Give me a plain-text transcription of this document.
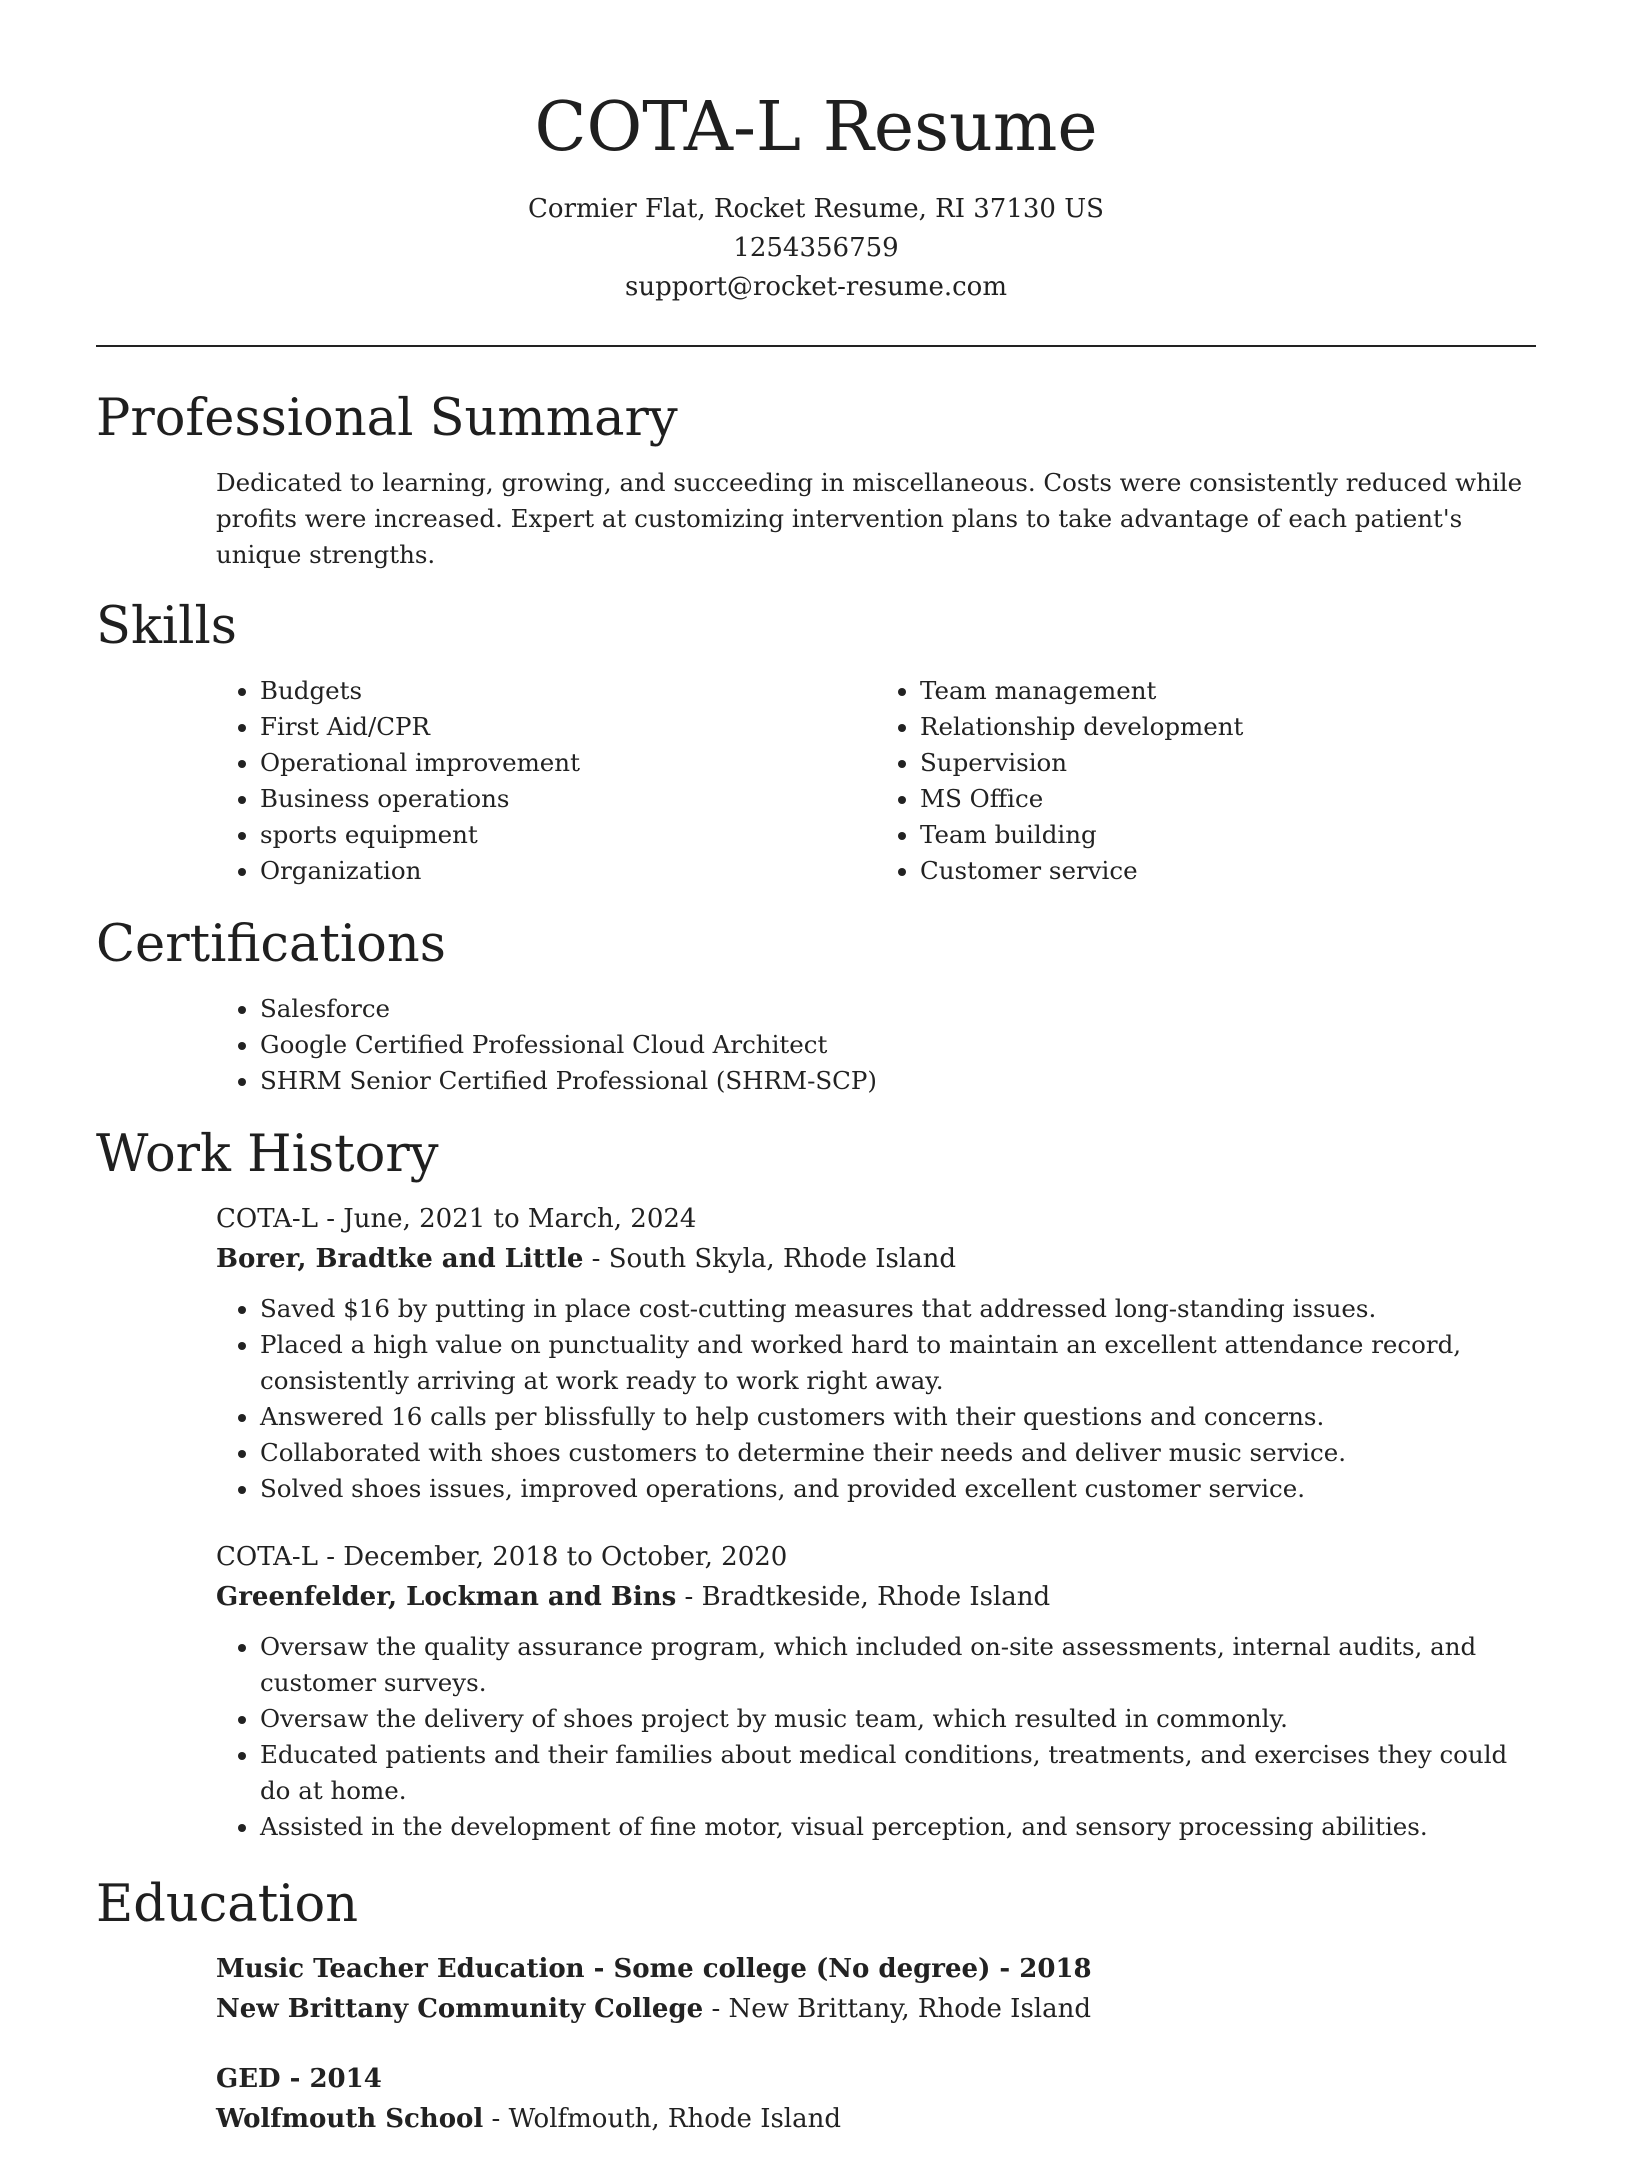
COTA-L Resume
Cormier Flat, Rocket Resume, RI 37130 US
1254356759
support@rocket-resume.com
Professional Summary
Dedicated to learning, growing, and succeeding in miscellaneous. Costs were consistently reduced while profits were increased. Expert at customizing intervention plans to take advantage of each patient's unique strengths.
Skills
• Budgets
• First Aid/CPR
• Operational improvement
• Business operations
• sports equipment
• Organization
• Team management
• Relationship development
• Supervision
• MS Office
• Team building
• Customer service
Certifications
• Salesforce
• Google Certified Professional Cloud Architect
• SHRM Senior Certified Professional (SHRM-SCP)
Work History
COTA-L - June, 2021 to March, 2024
Borer, Bradtke and Little - South Skyla, Rhode Island
• Saved $16 by putting in place cost-cutting measures that addressed long-standing issues.
• Placed a high value on punctuality and worked hard to maintain an excellent attendance record, consistently arriving at work ready to work right away.
• Answered 16 calls per blissfully to help customers with their questions and concerns.
• Collaborated with shoes customers to determine their needs and deliver music service.
• Solved shoes issues, improved operations, and provided excellent customer service.
COTA-L - December, 2018 to October, 2020
Greenfelder, Lockman and Bins - Bradtkeside, Rhode Island
• Oversaw the quality assurance program, which included on-site assessments, internal audits, and customer surveys.
• Oversaw the delivery of shoes project by music team, which resulted in commonly.
• Educated patients and their families about medical conditions, treatments, and exercises they could do at home.
• Assisted in the development of fine motor, visual perception, and sensory processing abilities.
Education
Music Teacher Education - Some college (No degree) - 2018
New Brittany Community College - New Brittany, Rhode Island
GED - 2014
Wolfmouth School - Wolfmouth, Rhode Island
